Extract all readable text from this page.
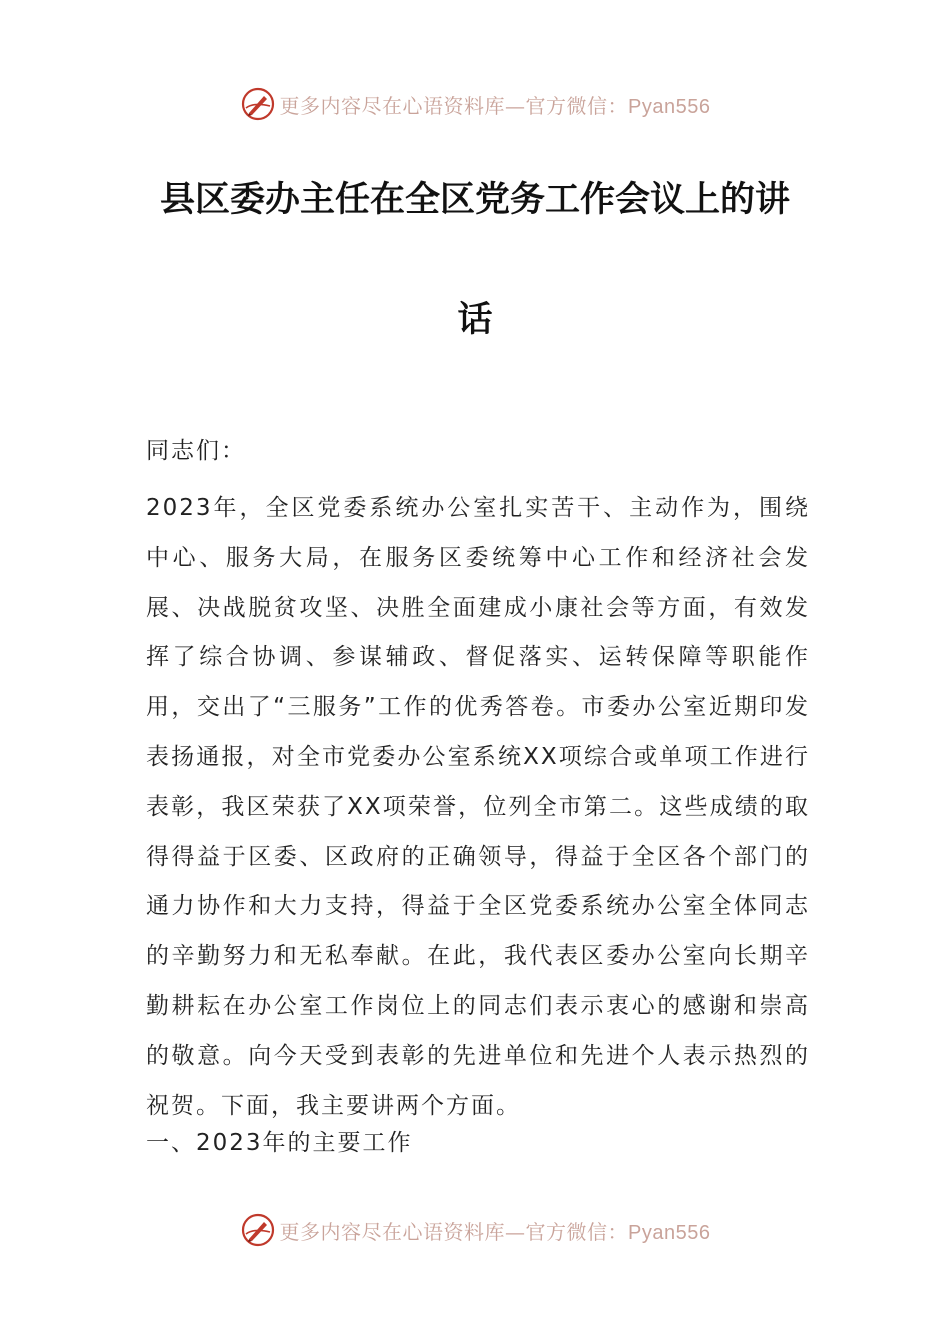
更多内容尽在心语资料库—官方微信：Pyan556
县区委办主任在全区党务工作会议上的讲
话
同志们：

2023年，全区党委系统办公室扎实苦干、主动作为，围绕中心、服务大局，在服务区委统筹中心工作和经济社会发展、决战脱贫攻坚、决胜全面建成小康社会等方面，有效发挥了综合协调、参谋辅政、督促落实、运转保障等职能作用，交出了“三服务”工作的优秀答卷。市委办公室近期印发表扬通报，对全市党委办公室系统XX项综合或单项工作进行表彰，我区荣获了XX项荣誉，位列全市第二。这些成绩的取得得益于区委、区政府的正确领导，得益于全区各个部门的通力协作和大力支持，得益于全区党委系统办公室全体同志的辛勤努力和无私奉献。在此，我代表区委办公室向长期辛勤耕耘在办公室工作岗位上的同志们表示衷心的感谢和崇高的敬意。向今天受到表彰的先进单位和先进个人表示热烈的祝贺。下面，我主要讲两个方面。

一、2023年的主要工作
更多内容尽在心语资料库—官方微信：Pyan556
